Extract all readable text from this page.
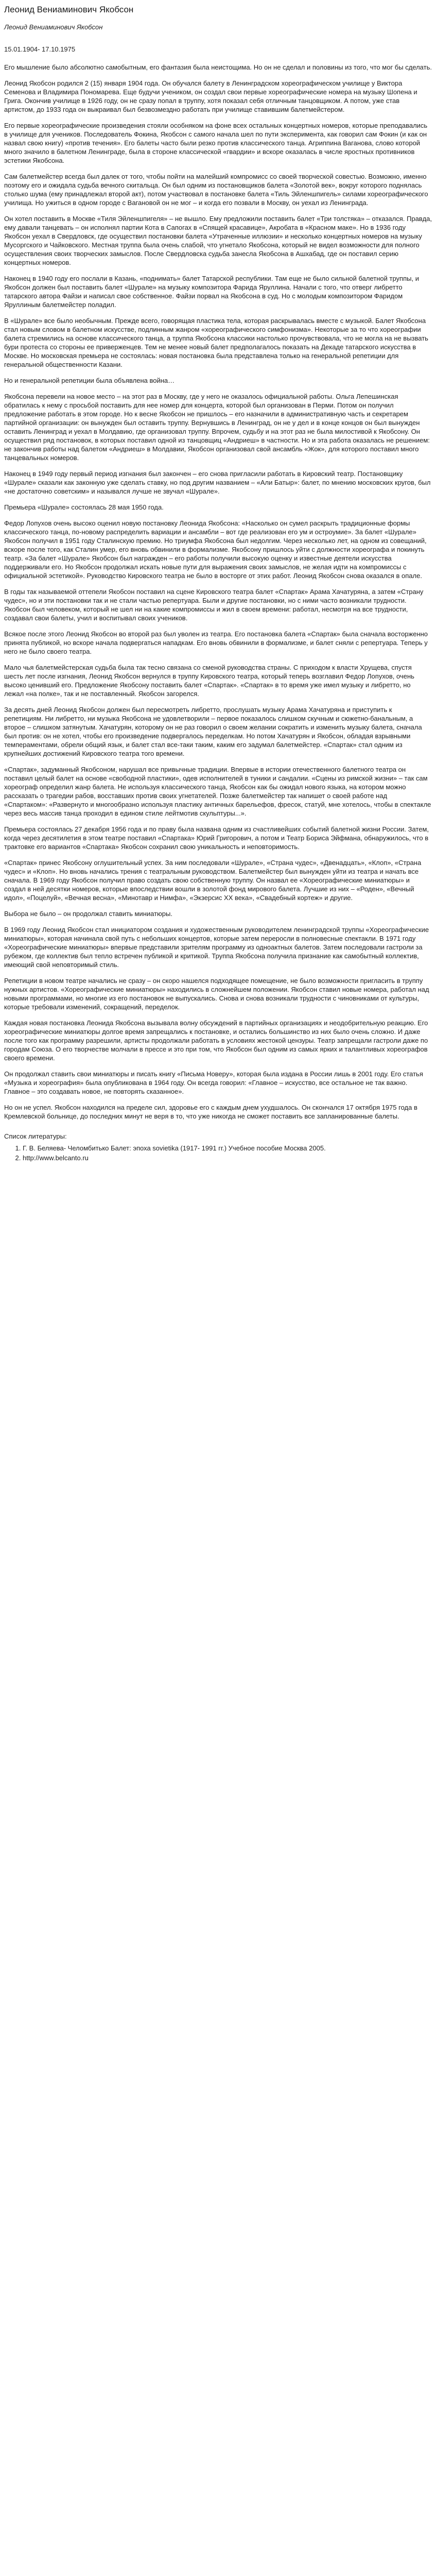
Леонид Вениаминович Якобсон
Леонид Вениаминович Якобсон
15.01.1904- 17.10.1975

Его мышление было абсолютно самобытным, его фантазия была неистощима. Но он не сделал и половины из того, что мог бы сделать.

Леонид Якобсон родился 2 (15) января 1904 года. Он обучался балету в Ленинградском хореографическом училище у Виктора Семенова и Владимира Пономарева. Еще будучи учеником, он создал свои первые хореографические номера на музыку Шопена и Грига. Окончив училище в 1926 году, он не сразу попал в труппу, хотя показал себя отличным танцовщиком. А потом, уже став артистом, до 1933 года он выкраивал был безвозмездно работать при училище ставившим балетмейстером.

Его первые хореографические произведения стояли особняком на фоне всех остальных концертных номеров, которые преподавались в училище для учеников. Последователь Фокина, Якобсон с самого начала шел по пути эксперимента, как говорил сам Фокин (и как он назвал свою книгу) «против течения». Его балеты часто были резко против классического танца. Агриппина Ваганова, слово которой много значило в балетном Ленинграде, была в стороне классической «гвардии» и вскоре оказалась в числе яростных противников эстетики Якобсона.

Сам балетмейстер всегда был далек от того, чтобы пойти на малейший компромисс со своей творческой совестью. Возможно, именно поэтому его и ожидала судьба вечного скитальца. Он был одним из постановщиков балета «Золотой век», вокруг которого поднялась столько шума (ему принадлежал второй акт), потом участвовал в постановке балета «Тиль Эйленшпигель» силами хореографического училища. Но ужиться в одном городе с Вагановой он не мог – и когда его позвали в Москву, он уехал из Ленинграда.

Он хотел поставить в Москве «Тиля Эйленшпигеля» – не вышло. Ему предложили поставить балет «Три толстяка» – отказался. Правда, ему давали танцевать – он исполнял партии Кота в Сапогах в «Спящей красавице», Акробата в «Красном маке». Но в 1936 году Якобсон уехал в Свердловск, где осуществил постановки балета «Утраченные иллюзии» и несколько концертных номеров на музыку Мусоргского и Чайковского. Местная труппа была очень слабой, что угнетало Якобсона, который не видел возможности для полного осуществления своих творческих замыслов. После Свердловска судьба занесла Якобсона в Ашхабад, где он поставил серию концертных номеров.

Наконец в 1940 году его послали в Казань, «поднимать» балет Татарской республики. Там еще не было сильной балетной труппы, и Якобсон должен был поставить балет «Шурале» на музыку композитора Фарида Яруллина. Начали с того, что отверг либретто татарского автора Файзи и написал свое собственное. Файзи порвал на Якобсона в суд. Но с молодым композитором Фаридом Яруллиным балетмейстер поладил.

В «Шурале» все было необычным. Прежде всего, говорящая пластика тела, которая раскрывалась вместе с музыкой. Балет Якобсона стал новым словом в балетном искусстве, подлинным жанром «хореографического симфонизма». Некоторые за то что хореографии балета стремились на основе классического танца, а труппа Якобсона классики настолько прочувствовала, что не могла на не вызвать бури протеста со стороны ее приверженцев. Тем не менее новый балет предполагалось показать на Декаде татарского искусства в Москве. Но московская премьера не состоялась: новая постановка была представлена только на генеральной репетиции для генеральной общественности Казани.

Но и генеральной репетиции была объявлена война…

Якобсона перевели на новое место – на этот раз в Москву, где у него не оказалось официальной работы. Ольга Лепешинская обратилась к нему с просьбой поставить для нее номер для концерта, которой был организован в Перми. Потом он получил предложение работать в этом городе. Но к весне Якобсон не пришлось – его назначили в административную часть и секретарем партийной организации: он вынужден был оставить труппу. Вернувшись в Ленинград, он не у дел и в конце концов он был вынужден оставить Ленинград и уехал в Молдавию, где организовал труппу. Впрочем, судьбу и на этот раз не была милостивой к Якобсону. Он осуществил ряд постановок, в которых поставил одной из танцовщиц «Андриеш» в частности. Но и эта работа оказалась не решением: не закончив работы над балетом «Андриеш» в Молдавии, Якобсон организовал свой ансамбль «Жок», для которого поставил много танцевальных номеров.

Наконец в 1949 году первый период изгнания был закончен – его снова пригласили работать в Кировский театр. Постановщику «Шурале» сказали как законную уже сделать ставку, но под другим названием – «Али Батыр»: балет, по мнению московских кругов, был «не достаточно советским» и назывался лучше не звучал «Шурале».

Премьера «Шурале» состоялась 28 мая 1950 года.

Федор Лопухов очень высоко оценил новую постановку Леонида Якобсона: «Насколько он сумел раскрыть традиционные формы классического танца, по-новому распределить вариации и ансамбли – вот где реализован его ум и остроумие». За балет «Шурале» Якобсон получил в 1951 году Сталинскую премию. Но триумфа Якобсона был недолгим. Через несколько лет, на одном из совещаний, вскоре после того, как Сталин умер, его вновь обвинили в формализме. Якобсону пришлось уйти с должности хореографа и покинуть театр. «За балет «Шурале» Якобсон был награжден – его работы получили высокую оценку и известные деятели искусства поддерживали его. Но Якобсон продолжал искать новые пути для выражения своих замыслов, не желая идти на компромиссы с официальной эстетикой». Руководство Кировского театра не было в восторге от этих работ. Леонид Якобсон снова оказался в опале.

В годы так называемой оттепели Якобсон поставил на сцене Кировского театра балет «Спартак» Арама Хачатуряна, а затем «Страну чудес», но и эти постановки так и не стали частью репертуара. Были и другие постановки, но с ними часто возникали трудности. Якобсон был человеком, который не шел ни на какие компромиссы и жил в своем времени: работал, несмотря на все трудности, создавал свои балеты, учил и воспитывал своих учеников.

Всякое после этого Леонид Якобсон во второй раз был уволен из театра. Его постановка балета «Спартак» была сначала восторженно принята публикой, но вскоре начала подвергаться нападкам. Его вновь обвинили в формализме, и балет сняли с репертуара. Теперь у него не было своего театра.

Мало чья балетмейстерская судьба была так тесно связана со сменой руководства страны. С приходом к власти Хрущева, спустя шесть лет после изгнания, Леонид Якобсон вернулся в труппу Кировского театра, который теперь возглавил Федор Лопухов, очень высоко ценивший его. Предложение Якобсону поставить балет «Спартак». «Спартак» в то время уже имел музыку и либретто, но лежал «на полке», так и не поставленный. Якобсон загорелся.

За десять дней Леонид Якобсон должен был пересмотреть либретто, прослушать музыку Арама Хачатуряна и приступить к репетициям. Ни либретто, ни музыка Якобсона не удовлетворили – первое показалось слишком скучным и сюжетно-банальным, а второе – слишком затянутым. Хачатурян, которому он не раз говорил о своем желании сократить и изменить музыку балета, сначала был против: он не хотел, чтобы его произведение подвергалось переделкам. Но потом Хачатурян и Якобсон, обладая взрывными темпераментами, обрели общий язык, и балет стал все-таки таким, каким его задумал балетмейстер. «Спартак» стал одним из крупнейших достижений Кировского театра того времени.

«Спартак», задуманный Якобсоном, нарушал все привычные традиции. Впервые в истории отечественного балетного театра он поставил целый балет на основе «свободной пластики», одев исполнителей в туники и сандалии. «Сцены из римской жизни» – так сам хореограф определил жанр балета. Не используя классического танца, Якобсон как бы ожидал нового языка, на котором можно рассказать о трагедии рабов, восставших против своих угнетателей. Позже балетмейстер так напишет о своей работе над «Спартаком»: «Развернуто и многообразно используя пластику античных барельефов, фресок, статуй, мне хотелось, чтобы в спектакле через весь массив танца проходил в едином стиле лейтмотив скульптуры...».

Премьера состоялась 27 декабря 1956 года и по праву была названа одним из счастливейших событий балетной жизни России. Затем, когда через десятилетия в этом театре поставил «Спартака» Юрий Григорович, а потом и Театр Бориса Эйфмана, обнаружилось, что в трактовке его вариантов «Спартака» Якобсон сохранил свою уникальность и неповторимость.

«Спартак» принес Якобсону оглушительный успех. За ним последовали «Шурале», «Страна чудес», «Двенадцать», «Клоп», «Страна чудес» и «Клоп». Но вновь начались трения с театральным руководством. Балетмейстер был вынужден уйти из театра и начать все сначала. В 1969 году Якобсон получил право создать свою собственную труппу. Он назвал ее «Хореографические миниатюры» и создал в ней десятки номеров, которые впоследствии вошли в золотой фонд мирового балета. Лучшие из них – «Роден», «Вечный идол», «Поцелуй», «Вечная весна», «Минотавр и Нимфа», «Экзерсис ХХ века», «Свадебный кортеж» и другие.

Выбора не было – он продолжал ставить миниатюры.

В 1969 году Леонид Якобсон стал инициатором создания и художественным руководителем ленинградской труппы «Хореографические миниатюры», которая начинала свой путь с небольших концертов, которые затем переросли в полновесные спектакли. В 1971 году «Хореографические миниатюры» впервые представили зрителям программу из одноактных балетов. Затем последовали гастроли за рубежом, где коллектив был тепло встречен публикой и критикой. Труппа Якобсона получила признание как самобытный коллектив, имеющий свой неповторимый стиль.

Репетиции в новом театре начались не сразу – он скоро нашелся подходящее помещение, не было возможности пригласить в труппу нужных артистов. «Хореографические миниатюры» находились в сложнейшем положении. Якобсон ставил новые номера, работал над новыми программами, но многие из его постановок не выпускались. Снова и снова возникали трудности с чиновниками от культуры, которые требовали изменений, сокращений, переделок.

Каждая новая постановка Леонида Якобсона вызывала волну обсуждений в партийных организациях и неодобрительную реакцию. Его хореографические миниатюры долгое время запрещались к постановке, и остались большинство из них было очень сложно. И даже после того как программу разрешили, артисты продолжали работать в условиях жестокой цензуры. Театр запрещали гастроли даже по городам Союза. О его творчестве молчали в прессе и это при том, что Якобсон был одним из самых ярких и талантливых хореографов своего времени.

Он продолжал ставить свои миниатюры и писать книгу «Письма Новеру», которая была издана в России лишь в 2001 году. Его статья «Музыка и хореография» была опубликована в 1964 году. Он всегда говорил: «Главное – искусство, все остальное не так важно. Главное – это создавать новое, не повторять сказанное».

Но он не успел. Якобсон находился на пределе сил, здоровье его с каждым днем ухудшалось. Он скончался 17 октября 1975 года в Кремлевской больнице, до последних минут не веря в то, что уже никогда не сможет поставить все запланированные балеты.

Список литературы:
1. Г. В. Беляева- Челомбитько Балет: эпоха sovietika (1917- 1991 гг.) Учебное пособие Москва 2005.
2. http://www.belcanto.ru
